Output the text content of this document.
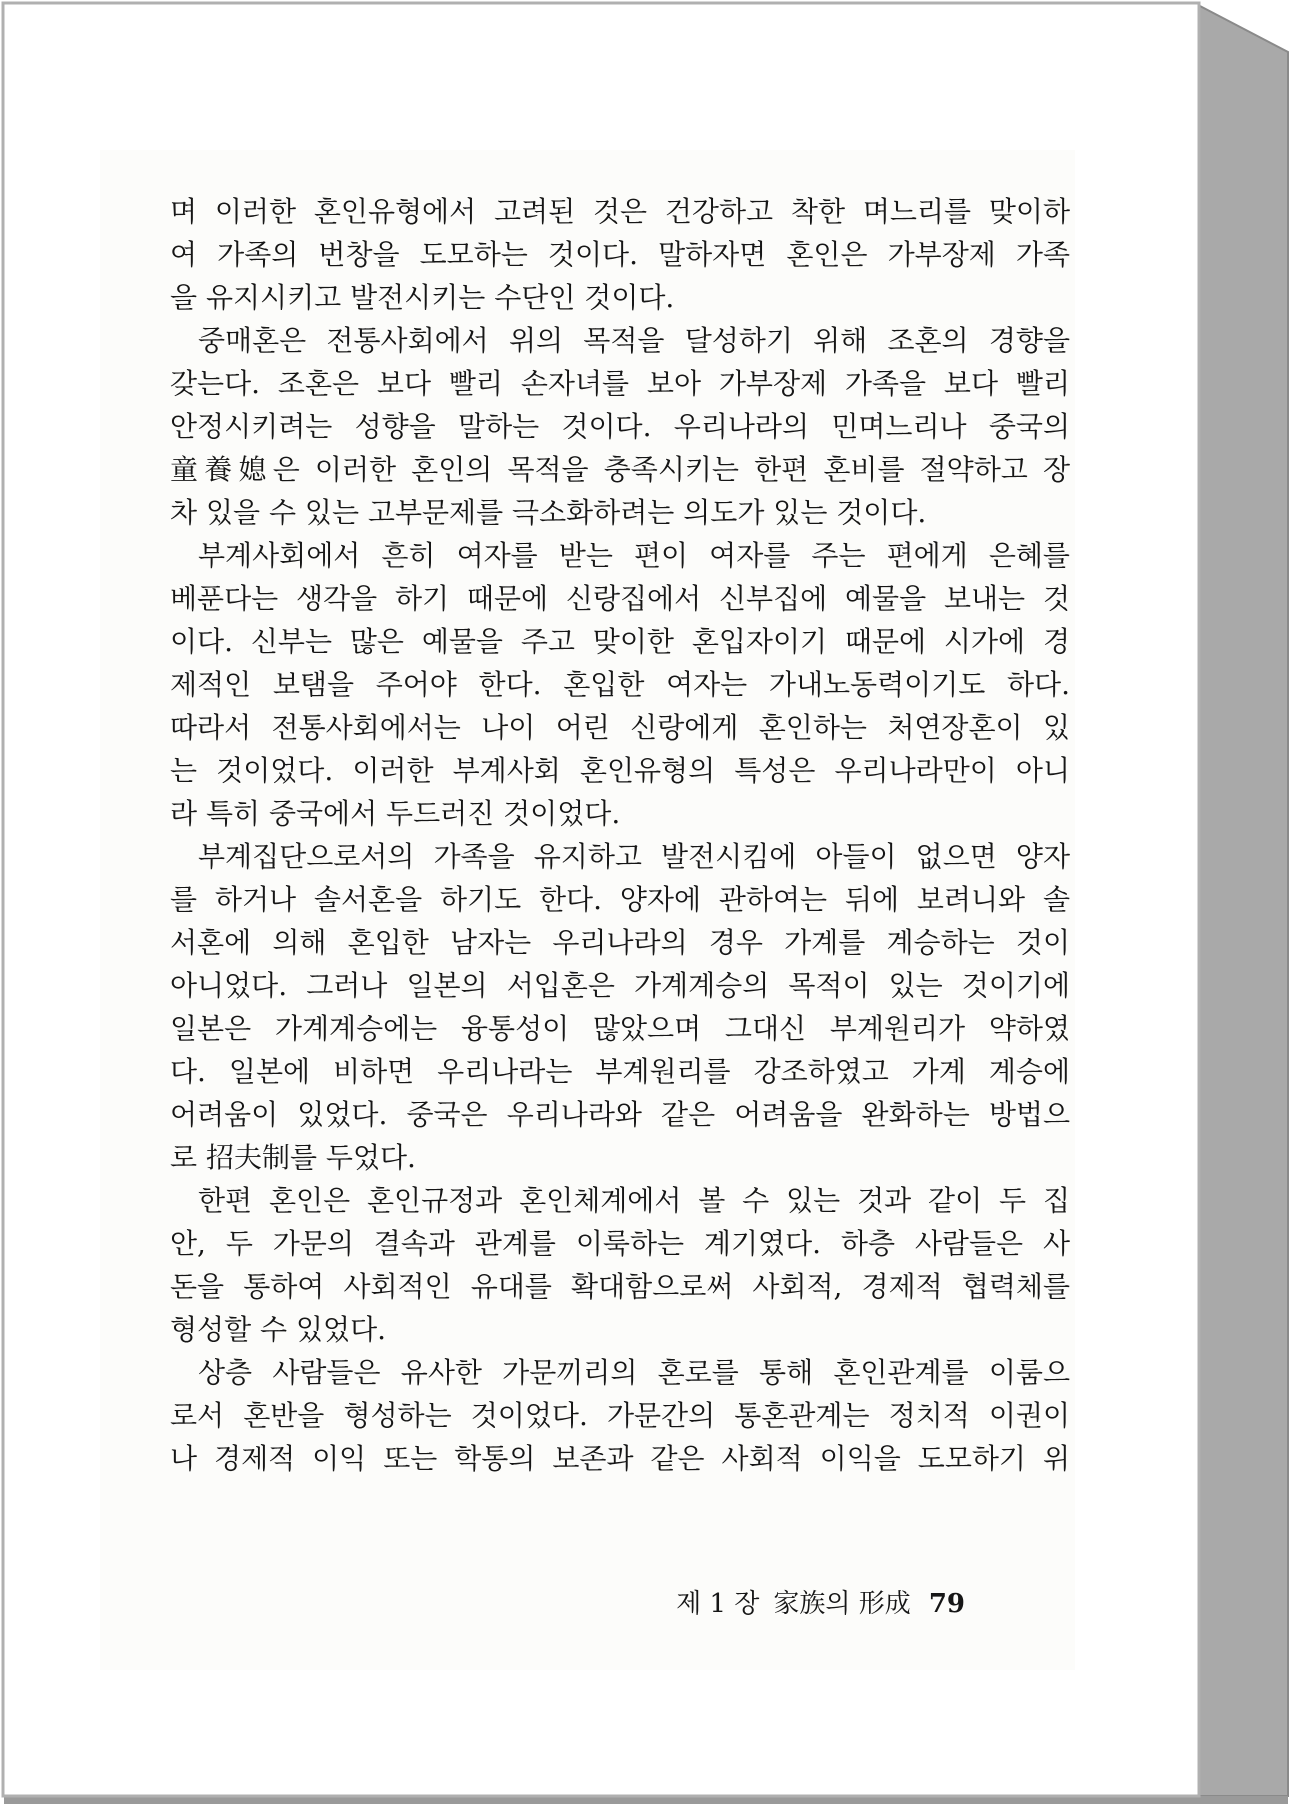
며 이러한 혼인유형에서 고려된 것은 건강하고 착한 며느리를 맞이하
여 가족의 번창을 도모하는 것이다. 말하자면 혼인은 가부장제 가족
을 유지시키고 발전시키는 수단인 것이다.
중매혼은 전통사회에서 위의 목적을 달성하기 위해 조혼의 경향을
갖는다. 조혼은 보다 빨리 손자녀를 보아 가부장제 가족을 보다 빨리
안정시키려는 성향을 말하는 것이다. 우리나라의 민며느리나 중국의
童養媳은 이러한 혼인의 목적을 충족시키는 한편 혼비를 절약하고 장
차 있을 수 있는 고부문제를 극소화하려는 의도가 있는 것이다.
부계사회에서 흔히 여자를 받는 편이 여자를 주는 편에게 은혜를
베푼다는 생각을 하기 때문에 신랑집에서 신부집에 예물을 보내는 것
이다. 신부는 많은 예물을 주고 맞이한 혼입자이기 때문에 시가에 경
제적인 보탬을 주어야 한다. 혼입한 여자는 가내노동력이기도 하다.
따라서 전통사회에서는 나이 어린 신랑에게 혼인하는 처연장혼이 있
는 것이었다. 이러한 부계사회 혼인유형의 특성은 우리나라만이 아니
라 특히 중국에서 두드러진 것이었다.
부계집단으로서의 가족을 유지하고 발전시킴에 아들이 없으면 양자
를 하거나 솔서혼을 하기도 한다. 양자에 관하여는 뒤에 보려니와 솔
서혼에 의해 혼입한 남자는 우리나라의 경우 가계를 계승하는 것이
아니었다. 그러나 일본의 서입혼은 가계계승의 목적이 있는 것이기에
일본은 가계계승에는 융통성이 많았으며 그대신 부계원리가 약하였
다. 일본에 비하면 우리나라는 부계원리를 강조하였고 가계 계승에
어려움이 있었다. 중국은 우리나라와 같은 어려움을 완화하는 방법으
로 招夫制를 두었다.
한편 혼인은 혼인규정과 혼인체계에서 볼 수 있는 것과 같이 두 집
안, 두 가문의 결속과 관계를 이룩하는 계기였다. 하층 사람들은 사
돈을 통하여 사회적인 유대를 확대함으로써 사회적, 경제적 협력체를
형성할 수 있었다.
상층 사람들은 유사한 가문끼리의 혼로를 통해 혼인관계를 이룸으
로서 혼반을 형성하는 것이었다. 가문간의 통혼관계는 정치적 이권이
나 경제적 이익 또는 학통의 보존과 같은 사회적 이익을 도모하기 위
제 1 장 家族의 形成 79
